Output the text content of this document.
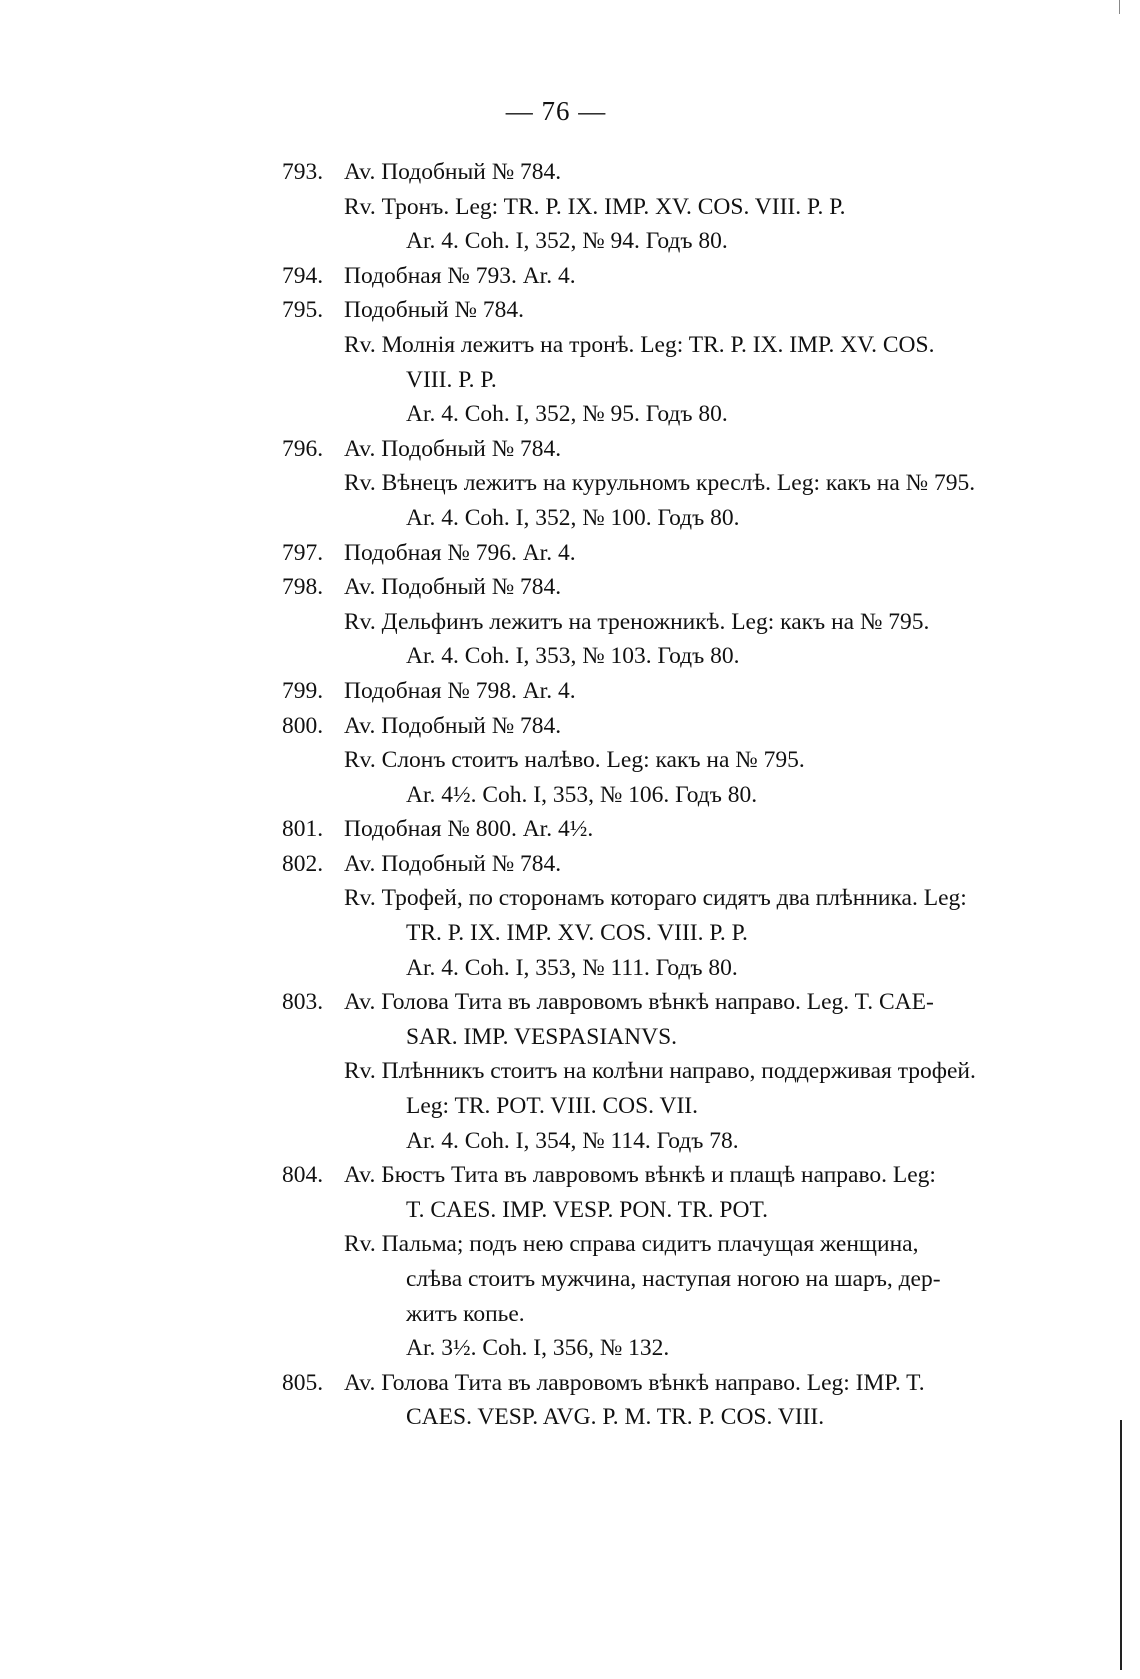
— 76 —
793. Av. Подобный № 784.
Rv. Тронъ. Leg: TR. P. IX. IMP. XV. COS. VIII. P. P.
Ar. 4. Coh. I, 352, № 94. Годъ 80.
794. Подобная № 793. Ar. 4.
795. Подобный № 784.
Rv. Молнія лежитъ на тронѣ. Leg: TR. P. IX. IMP. XV. COS.
VIII. P. P.
Ar. 4. Coh. I, 352, № 95. Годъ 80.
796. Av. Подобный № 784.
Rv. Вѣнецъ лежитъ на курульномъ креслѣ. Leg: какъ на № 795.
Ar. 4. Coh. I, 352, № 100. Годъ 80.
797. Подобная № 796. Ar. 4.
798. Av. Подобный № 784.
Rv. Дельфинъ лежитъ на треножникѣ. Leg: какъ на № 795.
Ar. 4. Coh. I, 353, № 103. Годъ 80.
799. Подобная № 798. Ar. 4.
800. Av. Подобный № 784.
Rv. Слонъ стоитъ налѣво. Leg: какъ на № 795.
Ar. 4½. Coh. I, 353, № 106. Годъ 80.
801. Подобная № 800. Ar. 4½.
802. Av. Подобный № 784.
Rv. Трофей, по сторонамъ котораго сидятъ два плѣнника. Leg:
TR. P. IX. IMP. XV. COS. VIII. P. P.
Ar. 4. Coh. I, 353, № 111. Годъ 80.
803. Av. Голова Тита въ лавровомъ вѣнкѣ направо. Leg. T. CAE-
SAR. IMP. VESPASIANVS.
Rv. Плѣнникъ стоитъ на колѣни направо, поддерживая трофей.
Leg: TR. POT. VIII. COS. VII.
Ar. 4. Coh. I, 354, № 114. Годъ 78.
804. Av. Бюстъ Тита въ лавровомъ вѣнкѣ и плащѣ направо. Leg:
T. CAES. IMP. VESP. PON. TR. POT.
Rv. Пальма; подъ нею справа сидитъ плачущая женщина,
слѣва стоитъ мужчина, наступая ногою на шаръ, дер-
житъ копье.
Ar. 3½. Coh. I, 356, № 132.
805. Av. Голова Тита въ лавровомъ вѣнкѣ направо. Leg: IMP. T.
CAES. VESP. AVG. P. M. TR. P. COS. VIII.
